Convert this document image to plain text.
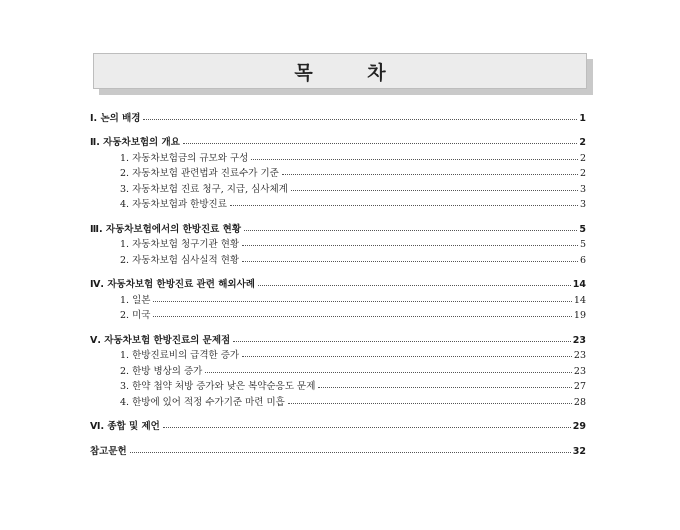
목 차
Ⅰ. 논의 배경	1
Ⅱ. 자동차보험의 개요	2
1. 자동차보험금의 규모와 구성	2
2. 자동차보험 관련법과 진료수가 기준	2
3. 자동차보험 진료 청구, 지급, 심사체계	3
4. 자동차보험과 한방진료	3
Ⅲ. 자동차보험에서의 한방진료 현황	5
1. 자동차보험 청구기관 현황	5
2. 자동차보험 심사실적 현황	6
Ⅳ. 자동차보험 한방진료 관련 해외사례	14
1. 일본	14
2. 미국	19
Ⅴ. 자동차보험 한방진료의 문제점	23
1. 한방진료비의 급격한 증가	23
2. 한방 병상의 증가	23
3. 한약 첩약 처방 증가와 낮은 복약순응도 문제	27
4. 한방에 있어 적정 수가기준 마련 미흡	28
Ⅵ. 종합 및 제언	29
참고문헌	32
